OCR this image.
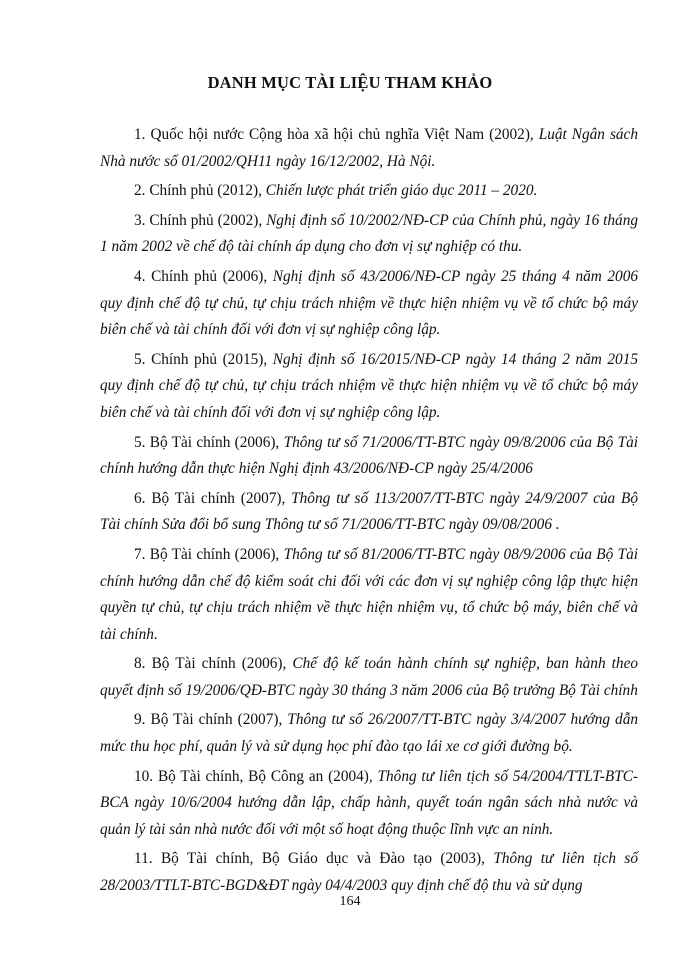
DANH MỤC TÀI LIỆU THAM KHẢO

1. Quốc hội nước Cộng hòa xã hội chủ nghĩa Việt Nam (2002), Luật Ngân sách Nhà nước số 01/2002/QH11 ngày 16/12/2002, Hà Nội.

2. Chính phủ (2012), Chiến lược phát triển giáo dục 2011 – 2020.

3. Chính phủ (2002), Nghị định số 10/2002/NĐ-CP của Chính phủ, ngày 16 tháng 1 năm 2002 về chế độ tài chính áp dụng cho đơn vị sự nghiệp có thu.

4. Chính phủ (2006), Nghị định số 43/2006/NĐ-CP ngày 25 tháng 4 năm 2006 quy định chế độ tự chủ, tự chịu trách nhiệm về thực hiện nhiệm vụ về tổ chức bộ máy biên chế và tài chính đối với đơn vị sự nghiệp công lập.

5. Chính phủ (2015), Nghị định số 16/2015/NĐ-CP ngày 14 tháng 2 năm 2015 quy định chế độ tự chủ, tự chịu trách nhiệm về thực hiện nhiệm vụ về tổ chức bộ máy biên chế và tài chính đối với đơn vị sự nghiệp công lập.

5. Bộ Tài chính (2006), Thông tư số 71/2006/TT-BTC ngày 09/8/2006 của Bộ Tài chính hướng dẫn thực hiện Nghị định 43/2006/NĐ-CP ngày 25/4/2006

6. Bộ Tài chính (2007), Thông tư số 113/2007/TT-BTC ngày 24/9/2007 của Bộ Tài chính Sửa đổi bổ sung Thông tư số 71/2006/TT-BTC ngày 09/08/2006 .

7. Bộ Tài chính (2006), Thông tư số 81/2006/TT-BTC ngày 08/9/2006 của Bộ Tài chính hướng dẫn chế độ kiểm soát chi đối với các đơn vị sự nghiệp công lập thực hiện quyền tự chủ, tự chịu trách nhiệm về thực hiện nhiệm vụ, tổ chức bộ máy, biên chế và tài chính.

8. Bộ Tài chính (2006), Chế độ kế toán hành chính sự nghiệp, ban hành theo quyết định số 19/2006/QĐ-BTC ngày 30 tháng 3 năm 2006 của Bộ trưởng Bộ Tài chính

9. Bộ Tài chính (2007), Thông tư số 26/2007/TT-BTC ngày 3/4/2007 hướng dẫn mức thu học phí, quản lý và sử dụng học phí đào tạo lái xe cơ giới đường bộ.

10. Bộ Tài chính, Bộ Công an (2004), Thông tư liên tịch số 54/2004/TTLT-BTC-BCA ngày 10/6/2004 hướng dẫn lập, chấp hành, quyết toán ngân sách nhà nước và quản lý tài sản nhà nước đối với một số hoạt động thuộc lĩnh vực an ninh.

11. Bộ Tài chính, Bộ Giáo dục và Đào tạo (2003), Thông tư liên tịch số 28/2003/TTLT-BTC-BGD&ĐT ngày 04/4/2003 quy định chế độ thu và sử dụng

164
